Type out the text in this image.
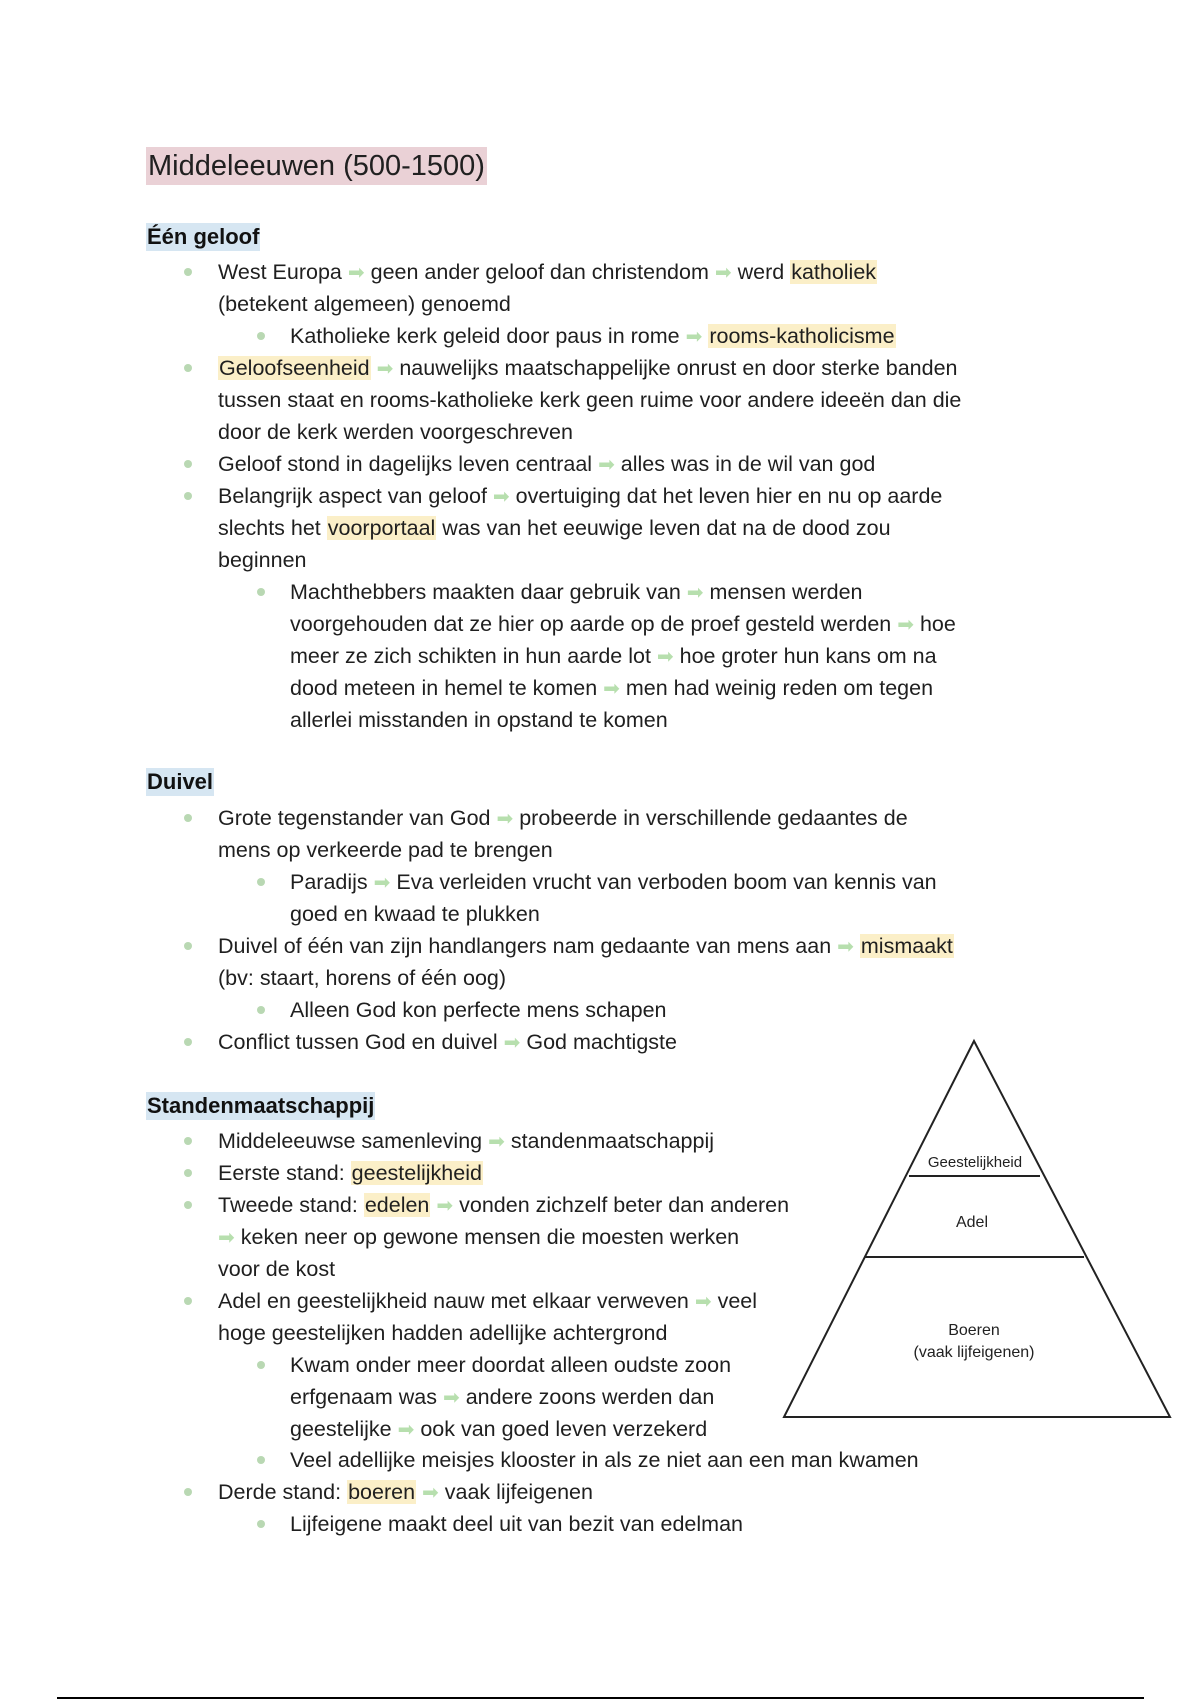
Middeleeuwen (500-1500)
Één geloof
West Europa ➡ geen ander geloof dan christendom ➡ werd katholiek
(betekent algemeen) genoemd
Katholieke kerk geleid door paus in rome ➡ rooms-katholicisme
Geloofseenheid ➡ nauwelijks maatschappelijke onrust en door sterke banden
tussen staat en rooms-katholieke kerk geen ruime voor andere ideeën dan die
door de kerk werden voorgeschreven
Geloof stond in dagelijks leven centraal ➡ alles was in de wil van god
Belangrijk aspect van geloof ➡ overtuiging dat het leven hier en nu op aarde
slechts het voorportaal was van het eeuwige leven dat na de dood zou
beginnen
Machthebbers maakten daar gebruik van ➡ mensen werden
voorgehouden dat ze hier op aarde op de proef gesteld werden ➡ hoe
meer ze zich schikten in hun aarde lot ➡ hoe groter hun kans om na
dood meteen in hemel te komen ➡ men had weinig reden om tegen
allerlei misstanden in opstand te komen
Duivel
Grote tegenstander van God ➡ probeerde in verschillende gedaantes de
mens op verkeerde pad te brengen
Paradijs ➡ Eva verleiden vrucht van verboden boom van kennis van
goed en kwaad te plukken
Duivel of één van zijn handlangers nam gedaante van mens aan ➡ mismaakt
(bv: staart, horens of één oog)
Alleen God kon perfecte mens schapen
Conflict tussen God en duivel ➡ God machtigste
Standenmaatschappij
Middeleeuwse samenleving ➡ standenmaatschappij
Eerste stand: geestelijkheid
Tweede stand: edelen ➡ vonden zichzelf beter dan anderen
➡ keken neer op gewone mensen die moesten werken
voor de kost
Adel en geestelijkheid nauw met elkaar verweven ➡ veel
hoge geestelijken hadden adellijke achtergrond
Kwam onder meer doordat alleen oudste zoon
erfgenaam was ➡ andere zoons werden dan
geestelijke ➡ ook van goed leven verzekerd
Veel adellijke meisjes klooster in als ze niet aan een man kwamen
Derde stand: boeren ➡ vaak lijfeigenen
Lijfeigene maakt deel uit van bezit van edelman
Geestelijkheid
Adel
Boeren
(vaak lijfeigenen)
